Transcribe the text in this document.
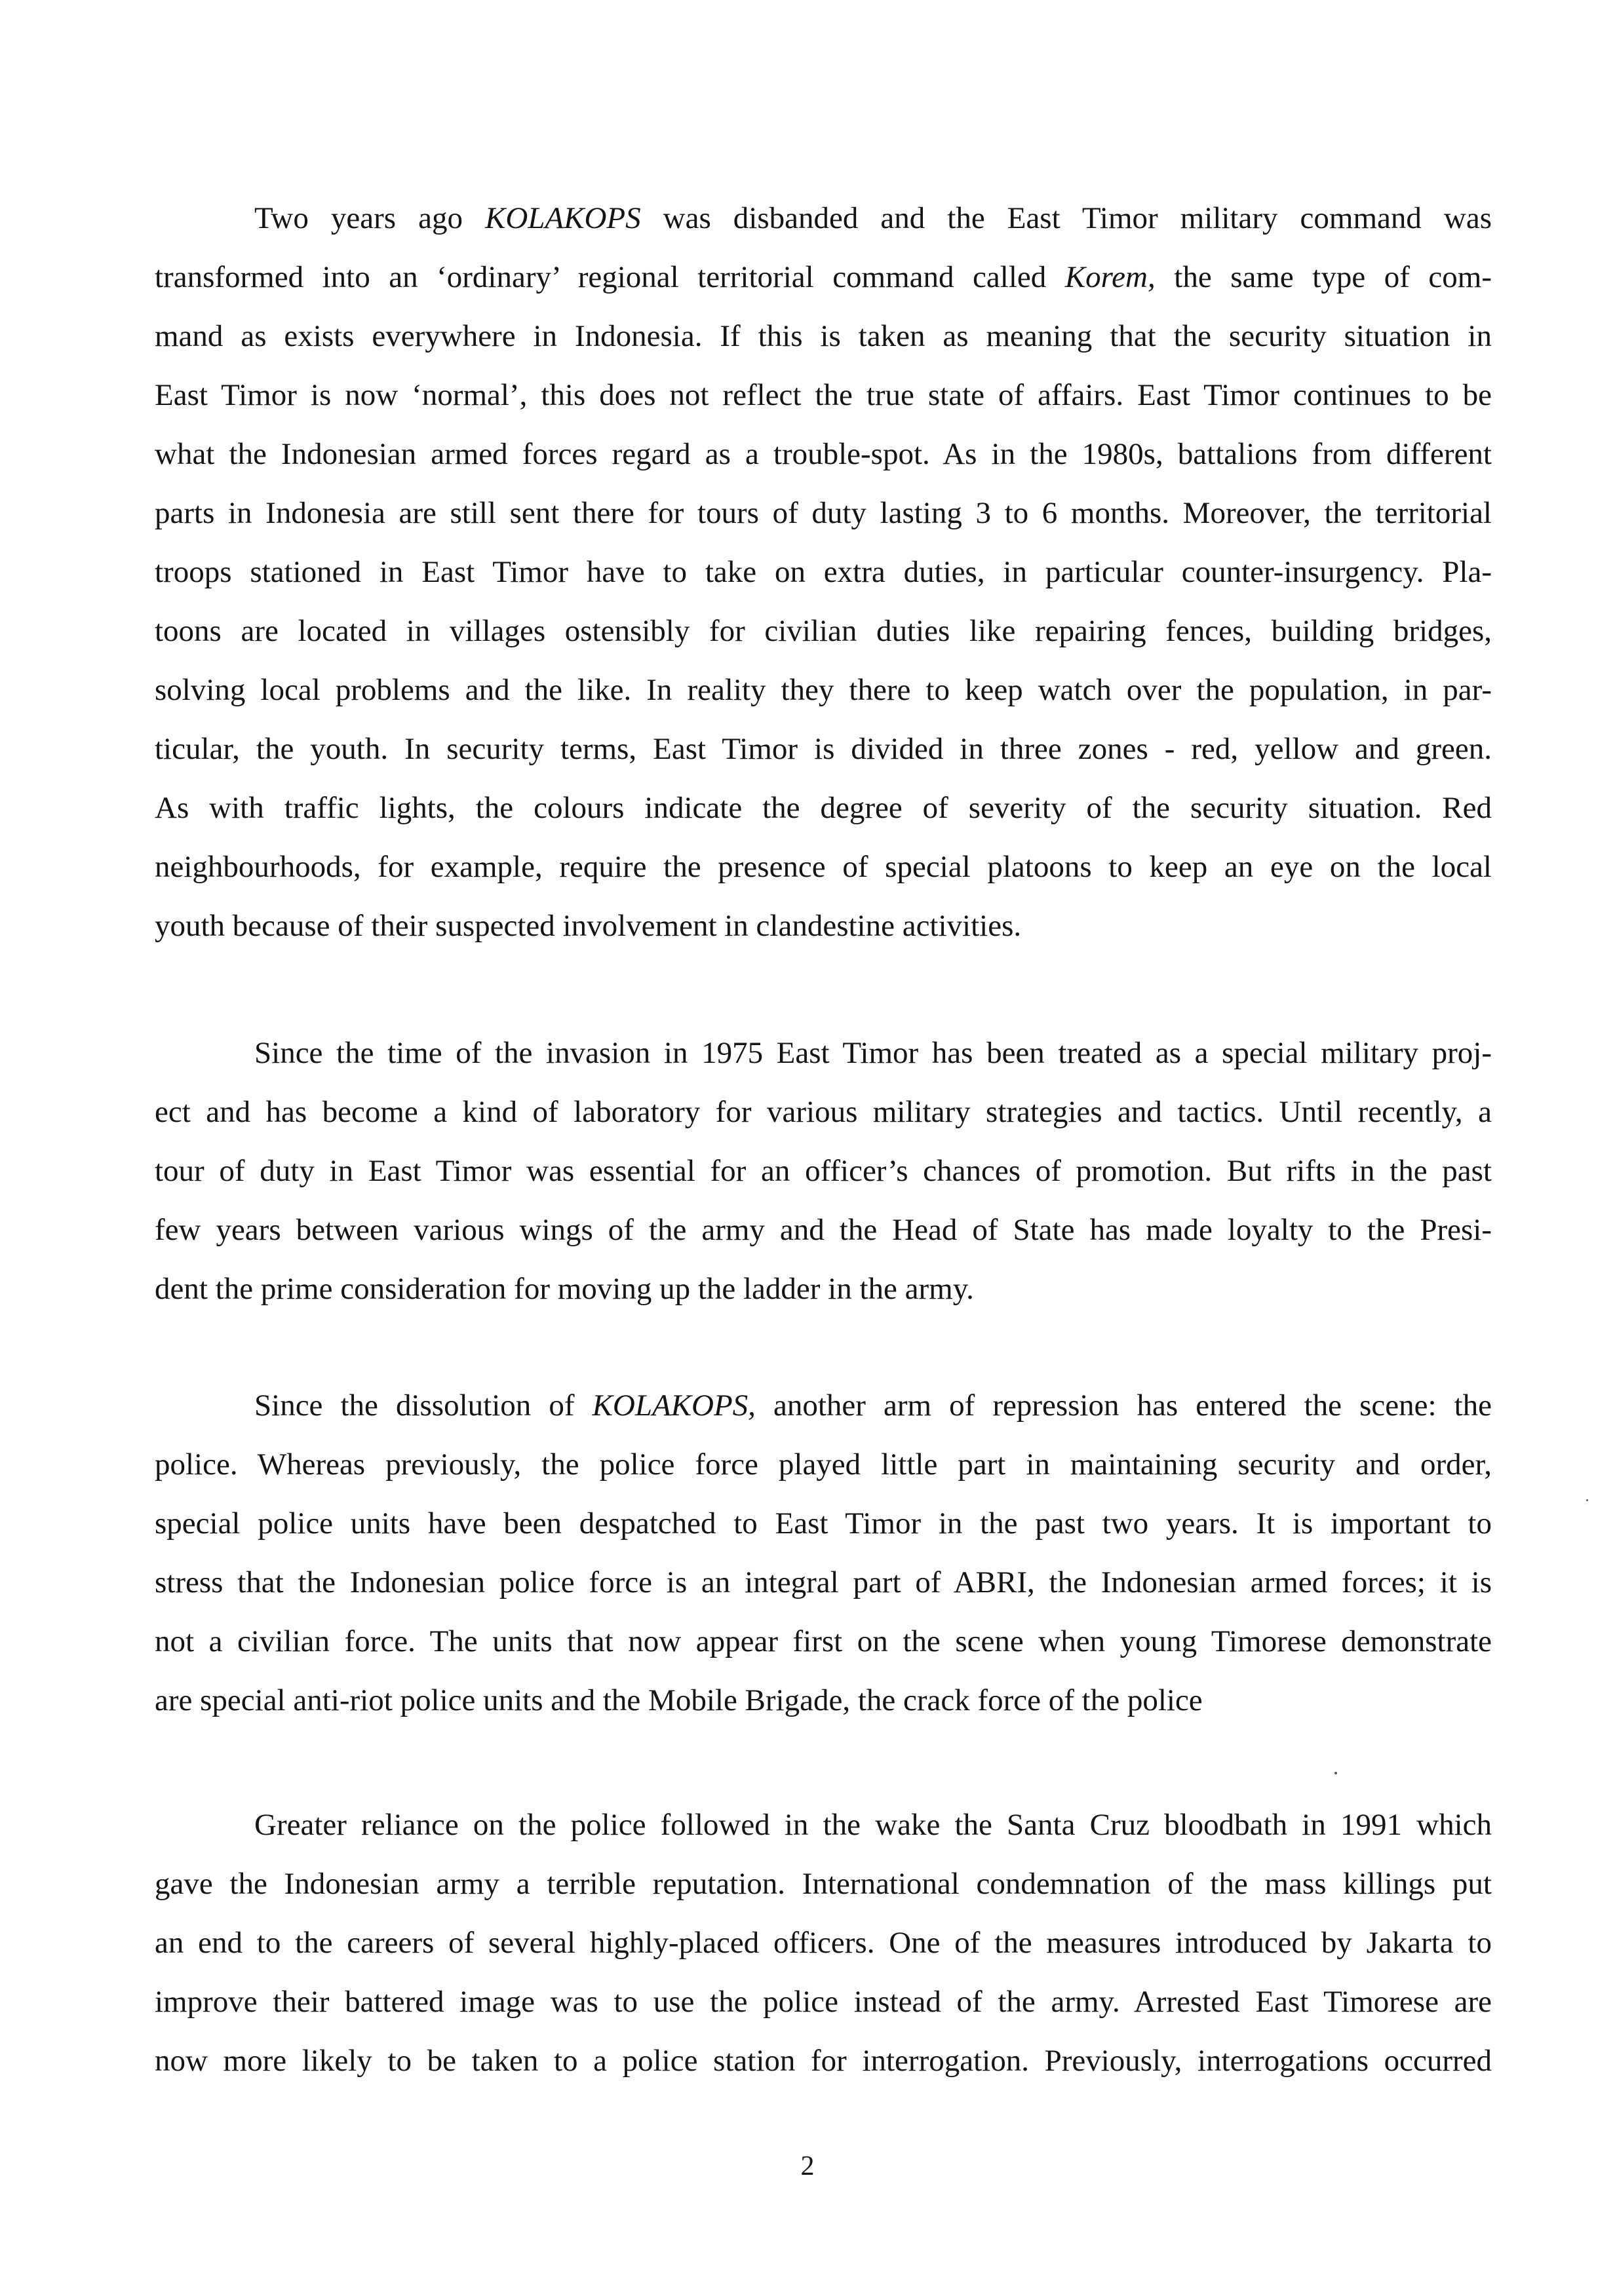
Two years ago KOLAKOPS was disbanded and the East Timor military command was
transformed into an ‘ordinary’ regional territorial command called Korem, the same type of com-
mand as exists everywhere in Indonesia. If this is taken as meaning that the security situation in
East Timor is now ‘normal’, this does not reflect the true state of affairs. East Timor continues to be
what the Indonesian armed forces regard as a trouble-spot. As in the 1980s, battalions from different
parts in Indonesia are still sent there for tours of duty lasting 3 to 6 months. Moreover, the territorial
troops stationed in East Timor have to take on extra duties, in particular counter-insurgency. Pla-
toons are located in villages ostensibly for civilian duties like repairing fences, building bridges,
solving local problems and the like. In reality they there to keep watch over the population, in par-
ticular, the youth. In security terms, East Timor is divided in three zones - red, yellow and green.
As with traffic lights, the colours indicate the degree of severity of the security situation. Red
neighbourhoods, for example, require the presence of special platoons to keep an eye on the local
youth because of their suspected involvement in clandestine activities.
Since the time of the invasion in 1975 East Timor has been treated as a special military proj-
ect and has become a kind of laboratory for various military strategies and tactics. Until recently, a
tour of duty in East Timor was essential for an officer’s chances of promotion. But rifts in the past
few years between various wings of the army and the Head of State has made loyalty to the Presi-
dent the prime consideration for moving up the ladder in the army.
Since the dissolution of KOLAKOPS, another arm of repression has entered the scene: the
police. Whereas previously, the police force played little part in maintaining security and order,
special police units have been despatched to East Timor in the past two years. It is important to
stress that the Indonesian police force is an integral part of ABRI, the Indonesian armed forces; it is
not a civilian force. The units that now appear first on the scene when young Timorese demonstrate
are special anti-riot police units and the Mobile Brigade, the crack force of the police
Greater reliance on the police followed in the wake the Santa Cruz bloodbath in 1991 which
gave the Indonesian army a terrible reputation. International condemnation of the mass killings put
an end to the careers of several highly-placed officers. One of the measures introduced by Jakarta to
improve their battered image was to use the police instead of the army. Arrested East Timorese are
now more likely to be taken to a police station for interrogation. Previously, interrogations occurred
2
